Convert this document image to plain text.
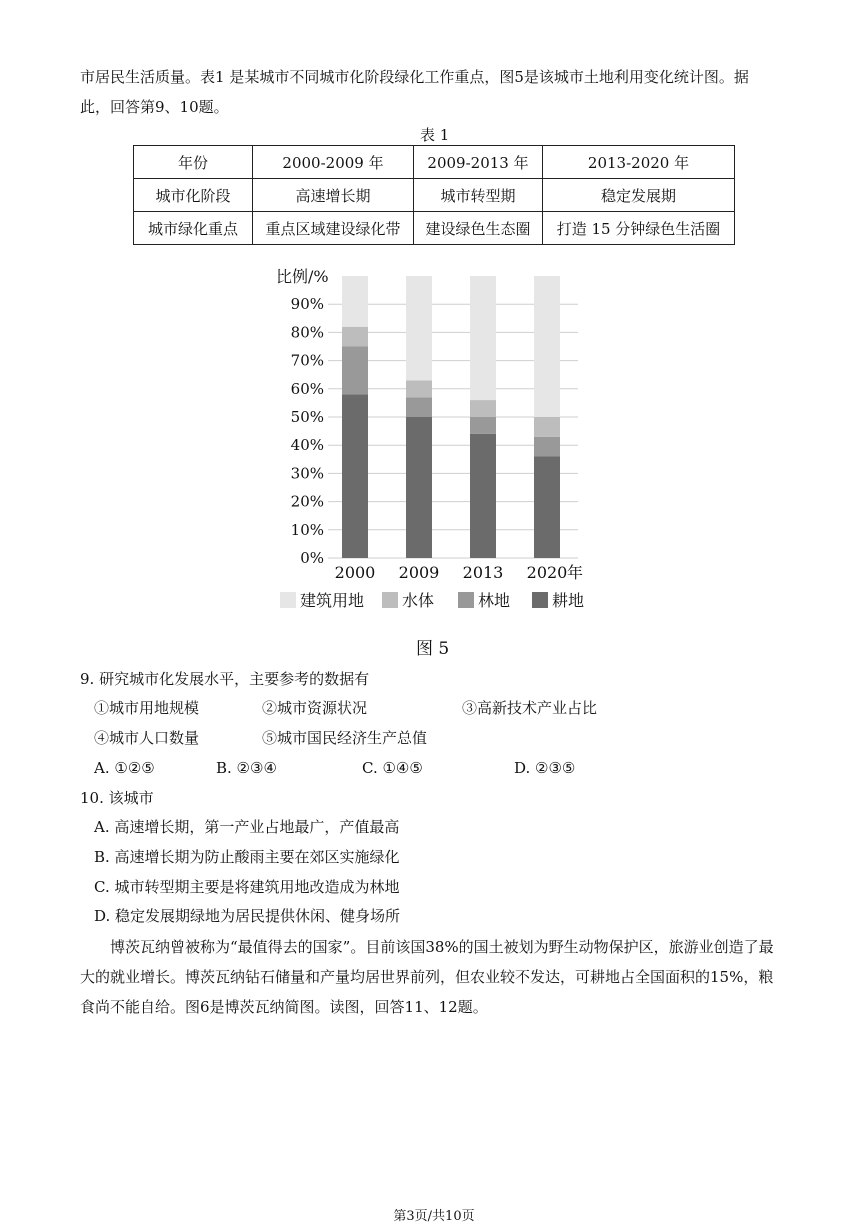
市居民生活质量。表1 是某城市不同城市化阶段绿化工作重点，图5是该城市土地利用变化统计图。据
此，回答第9、10题。
表 1
年份	2000-2009 年	2009-2013 年	2013-2020 年
城市化阶段	高速增长期	城市转型期	稳定发展期
城市绿化重点	重点区域建设绿化带	建设绿色生态圈	打造 15 分钟绿色生活圈
比例/%
0%
10%
20%
30%
40%
50%
60%
70%
80%
90%
2000 2009 2013 2020 年
建筑用地 水体	林地	耕地
图 5
9. 研究城市化发展水平，主要参考的数据有
①城市用地规模	②城市资源状况	③高新技术产业占比
④城市人口数量	⑤城市国民经济生产总值
A. ①②⑤	B. ②③④	C. ①④⑤	D. ②③⑤
10. 该城市
A. 高速增长期，第一产业占地最广，产值最高
B. 高速增长期为防止酸雨主要在郊区实施绿化
C. 城市转型期主要是将建筑用地改造成为林地
D. 稳定发展期绿地为居民提供休闲、健身场所
博茨瓦纳曾被称为“最值得去的国家”。目前该国38%的国土被划为野生动物保护区，旅游业创造了最
大的就业增长。博茨瓦纳钻石储量和产量均居世界前列，但农业较不发达，可耕地占全国面积的15%，粮
食尚不能自给。图6是博茨瓦纳简图。读图，回答11、12题。
第3页/共10页
